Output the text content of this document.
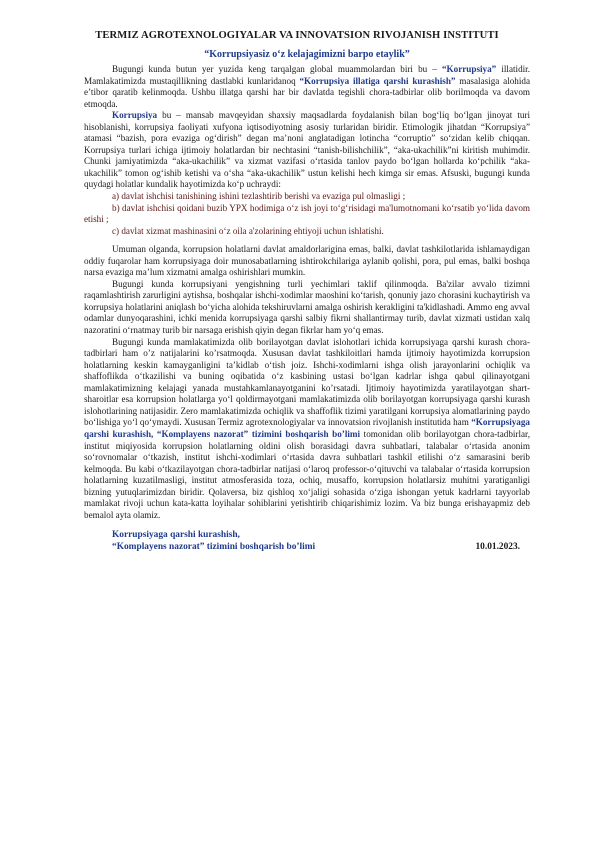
TERMIZ AGROTEXNOLOGIYALAR VA INNOVATSION RIVOJANISH INSTITUTI
“Korrupsiyasiz o‘z kelajagimizni barpo etaylik”

Bugungi kunda butun yer yuzida keng tarqalgan global muammolardan biri bu – “Korrupsiya” illatidir. Mamlakatimizda mustaqillikning dastlabki kunlaridanoq “Korrupsiya illatiga qarshi kurashish” masalasiga alohida e’tibor qaratib kelinmoqda. Ushbu illatga qarshi har bir davlatda tegishli chora-tadbirlar olib borilmoqda va davom etmoqda.

Korrupsiya bu – mansab mavqeyidan shaxsiy maqsadlarda foydalanish bilan bog‘liq bo‘lgan jinoyat turi hisoblanishi, korrupsiya faoliyati xufyona iqtisodiyotning asosiy turlaridan biridir. Etimologik jihatdan “Korrupsiya” atamasi “bazish, pora evaziga og‘dirish” degan ma’noni anglatadigan lotincha “corruptio” so‘zidan kelib chiqqan. Korrupsiya turlari ichiga ijtimoiy holatlardan bir nechtasini “tanish-bilishchilik”, “aka-ukachilik”ni kiritish muhimdir. Chunki jamiyatimizda “aka-ukachilik” va xizmat vazifasi o‘rtasida tanlov paydo bo‘lgan hollarda ko‘pchilik “aka-ukachilik” tomon og‘ishib ketishi va o‘sha “aka-ukachilik” ustun kelishi hech kimga sir emas. Afsuski, bugungi kunda quydagi holatlar kundalik hayotimizda ko‘p uchraydi:

a) davlat ishchisi tanishining ishini tezlashtirib berishi va evaziga pul olmasligi ;
b) davlat ishchisi qoidani buzib YPX hodimiga o‘z ish joyi to‘g‘risidagi ma'lumotnomani ko‘rsatib yo‘lida davom etishi ;
c) davlat xizmat mashinasini o‘z oila a'zolarining ehtiyoji uchun ishlatishi.

Umuman olganda, korrupsion holatlarni davlat amaldorlarigina emas, balki, davlat tashkilotlarida ishlamaydigan oddiy fuqarolar ham korrupsiyaga doir munosabatlarning ishtirokchilariga aylanib qolishi, pora, pul emas, balki boshqa narsa evaziga ma’lum xizmatni amalga oshirishlari mumkin.

Bugungi kunda korrupsiyani yengishning turli yechimlari taklif qilinmoqda. Ba'zilar avvalo tizimni raqamlashtirish zarurligini aytishsa, boshqalar ishchi-xodimlar maoshini ko‘tarish, qonuniy jazo chorasini kuchaytirish va korrupsiya holatlarini aniqlash bo‘yicha alohida tekshiruvlarni amalga oshirish kerakligini ta'kidlashadi. Ammo eng avval odamlar dunyoqarashini, ichki menida korrupsiyaga qarshi salbiy fikrni shallantirmay turib, davlat xizmati ustidan xalq nazoratini o‘rnatmay turib bir narsaga erishish qiyin degan fikrlar ham yo‘q emas.

Bugungi kunda mamlakatimizda olib borilayotgan davlat islohotlari ichida korrupsiyaga qarshi kurash chora-tadbirlari ham o’z natijalarini ko’rsatmoqda. Xususan davlat tashkiloitlari hamda ijtimoiy hayotimizda korrupsion holatlarning keskin kamayganligini ta’kidlab o‘tish joiz. Ishchi-xodimlarni ishga olish jarayonlarini ochiqlik va shaffoflikda o‘tkazilishi va buning oqibatida o‘z kasbining ustasi bo‘lgan kadrlar ishga qabul qilinayotgani mamlakatimizning kelajagi yanada mustahkamlanayotganini ko’rsatadi. Ijtimoiy hayotimizda yaratilayotgan shart-sharoitlar esa korrupsion holatlarga yo‘l qoldirmayotgani mamlakatimizda olib borilayotgan korrupsiyaga qarshi kurash islohotlarining natijasidir. Zero mamlakatimizda ochiqlik va shaffoflik tizimi yaratilgani korrupsiya alomatlarining paydo bo‘lishiga yo‘l qo‘ymaydi. Xususan Termiz agrotexnologiyalar va innovatsion rivojlanish institutida ham “Korrupsiyaga qarshi kurashish, “Komplayens nazorat” tizimini boshqarish bo’limi tomonidan olib borilayotgan chora-tadbirlar, institut miqiyosida korrupsion holatlarning oldini olish borasidagi davra suhbatlari, talabalar o‘rtasida anonim so‘rovnomalar o‘tkazish, institut ishchi-xodimlari o‘rtasida davra suhbatlari tashkil etilishi o‘z samarasini berib kelmoqda. Bu kabi o‘tkazilayotgan chora-tadbirlar natijasi o‘laroq professor-o‘qituvchi va talabalar o‘rtasida korrupsion holatlarning kuzatilmasligi, institut atmosferasida toza, ochiq, musaffo, korrupsion holatlarsiz muhitni yaratiganligi bizning yutuqlarimizdan biridir. Qolaversa, biz qishloq xo‘jaligi sohasida o‘ziga ishongan yetuk kadrlarni tayyorlab mamlakat rivoji uchun kata-katta loyihalar sohiblarini yetishtirib chiqarishimiz lozim. Va biz bunga erishayapmiz deb bemalol ayta olamiz.

Korrupsiyaga qarshi kurashish,
“Komplayens nazorat” tizimini boshqarish bo’limi	10.01.2023.
